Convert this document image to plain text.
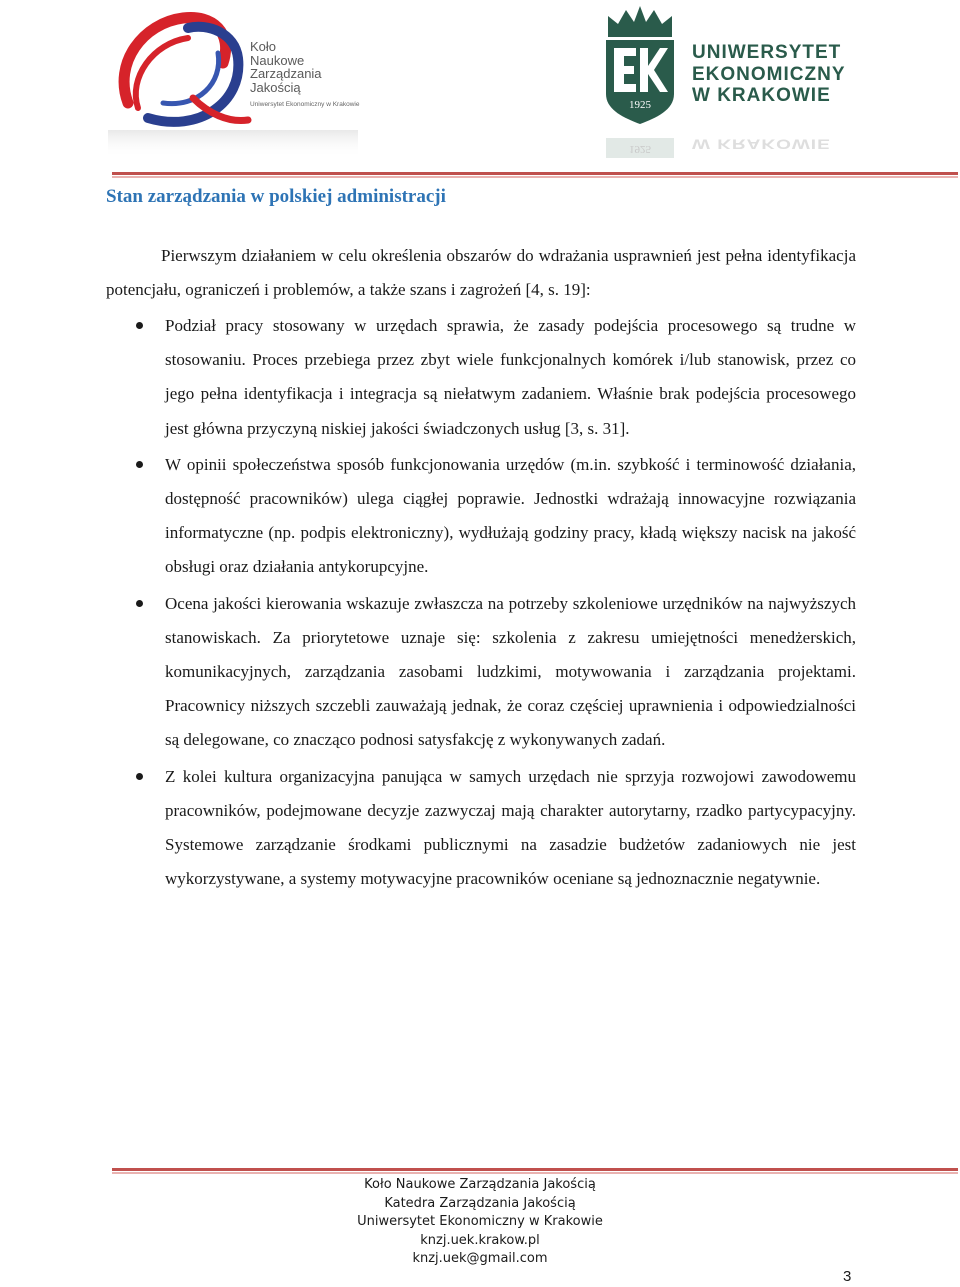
Koło
Naukowe
Zarządzania
Jakością
Uniwersytet Ekonomiczny w Krakowie	1925
1925
UNIWERSYTET
EKONOMICZNY
W KRAKOWIE
W KRAKOWIE
Stan zarządzania w polskiej administracji
Pierwszym działaniem w celu określenia obszarów do wdrażania usprawnień jest pełna identyfikacja potencjału, ograniczeń i problemów, a także szans i zagrożeń [4, s. 19]:
Podział pracy stosowany w urzędach sprawia, że zasady podejścia procesowego są trudne w stosowaniu. Proces przebiega przez zbyt wiele funkcjonalnych komórek i/lub stanowisk, przez co jego pełna identyfikacja i integracja są niełatwym zadaniem. Właśnie brak podejścia procesowego jest główna przyczyną niskiej jakości świadczonych usług [3, s. 31].
W opinii społeczeństwa sposób funkcjonowania urzędów (m.in. szybkość i terminowość działania, dostępność pracowników) ulega ciągłej poprawie. Jednostki wdrażają innowacyjne rozwiązania informatyczne (np. podpis elektroniczny), wydłużają godziny pracy, kładą większy nacisk na jakość obsługi oraz działania antykorupcyjne.
Ocena jakości kierowania wskazuje zwłaszcza na potrzeby szkoleniowe urzędników na najwyższych stanowiskach. Za priorytetowe uznaje się: szkolenia z zakresu umiejętności menedżerskich, komunikacyjnych, zarządzania zasobami ludzkimi, motywowania i zarządzania projektami. Pracownicy niższych szczebli zauważają jednak, że coraz częściej uprawnienia i odpowiedzialności są delegowane, co znacząco podnosi satysfakcję z wykonywanych zadań.
Z kolei kultura organizacyjna panująca w samych urzędach nie sprzyja rozwojowi zawodowemu pracowników, podejmowane decyzje zazwyczaj mają charakter autorytarny, rzadko partycypacyjny. Systemowe zarządzanie środkami publicznymi na zasadzie budżetów zadaniowych nie jest wykorzystywane, a systemy motywacyjne pracowników oceniane są jednoznacznie negatywnie.
Koło Naukowe Zarządzania Jakością
Katedra Zarządzania Jakością
Uniwersytet Ekonomiczny w Krakowie
knzj.uek.krakow.pl
knzj.uek@gmail.com
3
